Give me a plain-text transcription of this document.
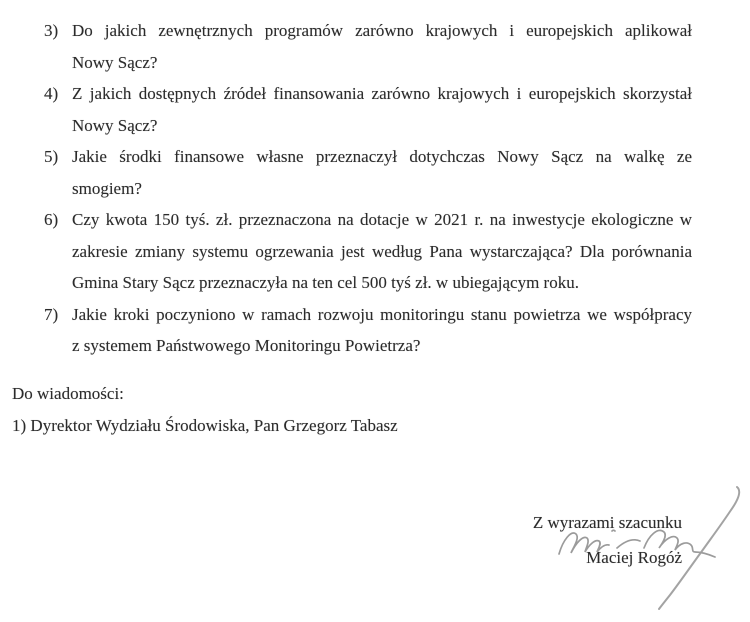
3) Do jakich zewnętrznych programów zarówno krajowych i europejskich aplikował
Nowy Sącz?
4) Z jakich dostępnych źródeł finansowania zarówno krajowych i europejskich skorzystał
Nowy Sącz?
5) Jakie środki finansowe własne przeznaczył dotychczas Nowy Sącz na walkę ze
smogiem?
6) Czy kwota 150 tyś. zł. przeznaczona na dotacje w 2021 r. na inwestycje ekologiczne w
zakresie zmiany systemu ogrzewania jest według Pana wystarczająca? Dla porównania
Gmina Stary Sącz przeznaczyła na ten cel 500 tyś zł. w ubiegającym roku.
7) Jakie kroki poczyniono w ramach rozwoju monitoringu stanu powietrza we współpracy
z systemem Państwowego Monitoringu Powietrza?
Do wiadomości:
1) Dyrektor Wydziału Środowiska, Pan Grzegorz Tabasz
Z wyrazami szacunku
Maciej Rogóż
